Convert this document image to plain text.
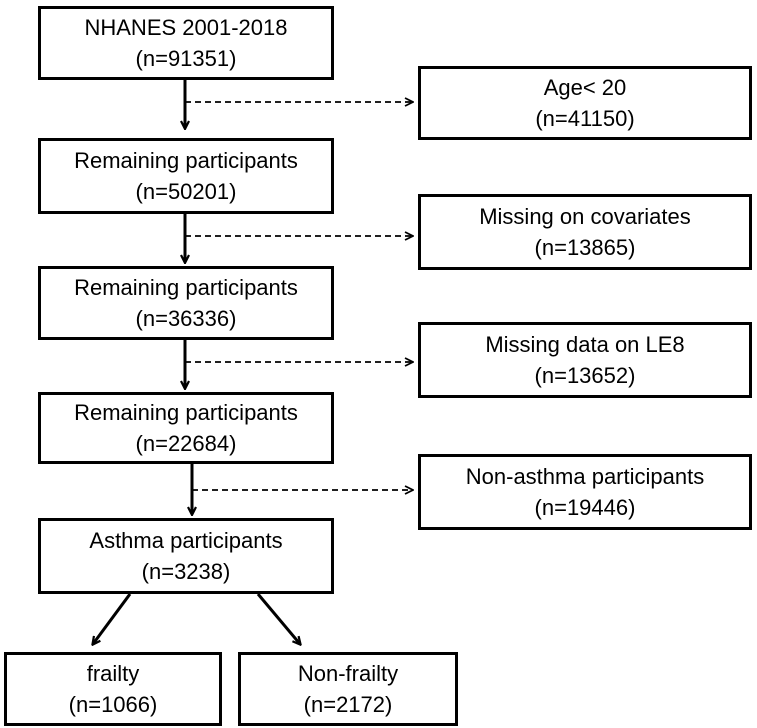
NHANES 2001-2018
(n=91351)
Remaining participants
(n=50201)
Remaining participants
(n=36336)
Remaining participants
(n=22684)
Asthma participants
(n=3238)
Age< 20
(n=41150)
Missing on covariates
(n=13865)
Missing data on LE8
(n=13652)
Non-asthma participants
(n=19446)
frailty
(n=1066)
Non-frailty
(n=2172)
